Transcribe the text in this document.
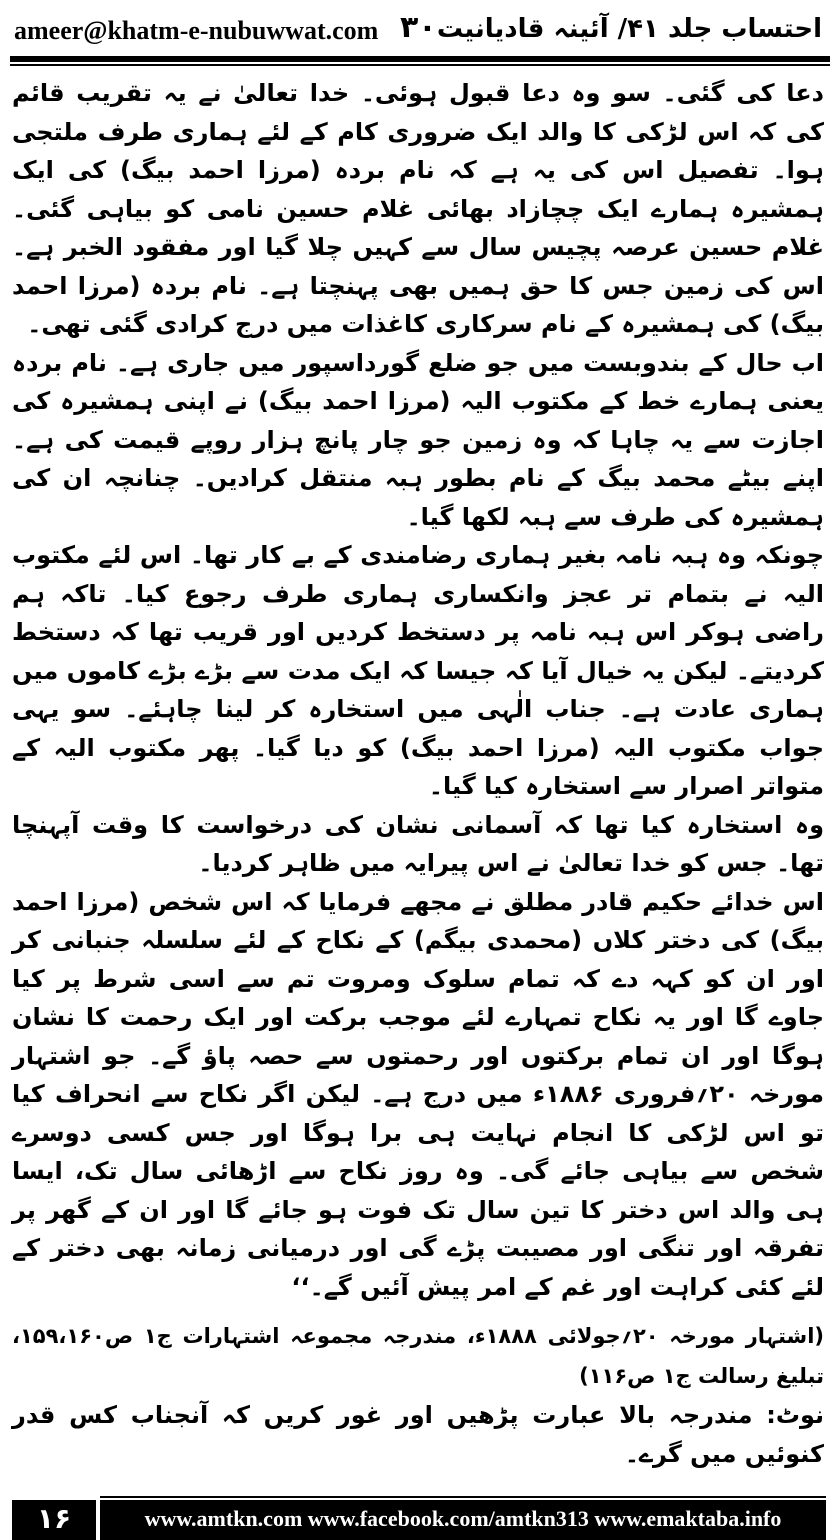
ameer@khatm-e-nubuwwat.com ۳۰ احتساب جلد ۴۱/ آئینہ قادیانیت

دعا کی گئی۔ سو وہ دعا قبول ہوئی۔ خدا تعالیٰ نے یہ تقریب قائم کی کہ اس لڑکی کا والد ایک ضروری کام کے لئے ہماری طرف ملتجی ہوا۔ تفصیل اس کی یہ ہے کہ نام بردہ (مرزا احمد بیگ) کی ایک ہمشیرہ ہمارے ایک چچازاد بھائی غلام حسین نامی کو بیاہی گئی۔ غلام حسین عرصہ پچیس سال سے کہیں چلا گیا اور مفقود الخبر ہے۔ اس کی زمین جس کا حق ہمیں بھی پہنچتا ہے۔ نام بردہ (مرزا احمد بیگ) کی ہمشیرہ کے نام سرکاری کاغذات میں درج کرادی گئی تھی۔

اب حال کے بندوبست میں جو ضلع گورداسپور میں جاری ہے۔ نام بردہ یعنی ہمارے خط کے مکتوب الیہ (مرزا احمد بیگ) نے اپنی ہمشیرہ کی اجازت سے یہ چاہا کہ وہ زمین جو چار پانچ ہزار روپے قیمت کی ہے۔ اپنے بیٹے محمد بیگ کے نام بطور ہبہ منتقل کرادیں۔ چنانچہ ان کی ہمشیرہ کی طرف سے ہبہ لکھا گیا۔

چونکہ وہ ہبہ نامہ بغیر ہماری رضامندی کے بے کار تھا۔ اس لئے مکتوب الیہ نے بتمام تر عجز وانکساری ہماری طرف رجوع کیا۔ تاکہ ہم راضی ہوکر اس ہبہ نامہ پر دستخط کردیں اور قریب تھا کہ دستخط کردیتے۔ لیکن یہ خیال آیا کہ جیسا کہ ایک مدت سے بڑے بڑے کاموں میں ہماری عادت ہے۔ جناب الٰہی میں استخارہ کر لینا چاہئے۔ سو یہی جواب مکتوب الیہ (مرزا احمد بیگ) کو دیا گیا۔ پھر مکتوب الیہ کے متواتر اصرار سے استخارہ کیا گیا۔

وہ استخارہ کیا تھا کہ آسمانی نشان کی درخواست کا وقت آپہنچا تھا۔ جس کو خدا تعالیٰ نے اس پیرایہ میں ظاہر کردیا۔

اس خدائے حکیم قادر مطلق نے مجھے فرمایا کہ اس شخص (مرزا احمد بیگ) کی دختر کلاں (محمدی بیگم) کے نکاح کے لئے سلسلہ جنبانی کر اور ان کو کہہ دے کہ تمام سلوک ومروت تم سے اسی شرط پر کیا جاوے گا اور یہ نکاح تمہارے لئے موجب برکت اور ایک رحمت کا نشان ہوگا اور ان تمام برکتوں اور رحمتوں سے حصہ پاؤ گے۔ جو اشتہار مورخہ ۲۰؍فروری ۱۸۸۶ء میں درج ہے۔ لیکن اگر نکاح سے انحراف کیا تو اس لڑکی کا انجام نہایت ہی برا ہوگا اور جس کسی دوسرے شخص سے بیاہی جائے گی۔ وہ روز نکاح سے اڑھائی سال تک، ایسا ہی والد اس دختر کا تین سال تک فوت ہو جائے گا اور ان کے گھر پر تفرقہ اور تنگی اور مصیبت پڑے گی اور درمیانی زمانہ بھی دختر کے لئے کئی کراہت اور غم کے امر پیش آئیں گے۔‘‘

(اشتہار مورخہ ۲۰؍جولائی ۱۸۸۸ء، مندرجہ مجموعہ اشتہارات ج۱ ص۱۵۹،۱۶۰، تبلیغ رسالت ج۱ ص۱۱۶)

نوٹ: مندرجہ بالا عبارت پڑھیں اور غور کریں کہ آنجناب کس قدر کنوئیں میں گرے۔

۱۶	www.amtkn.com www.facebook.com/amtkn313 www.emaktaba.info
